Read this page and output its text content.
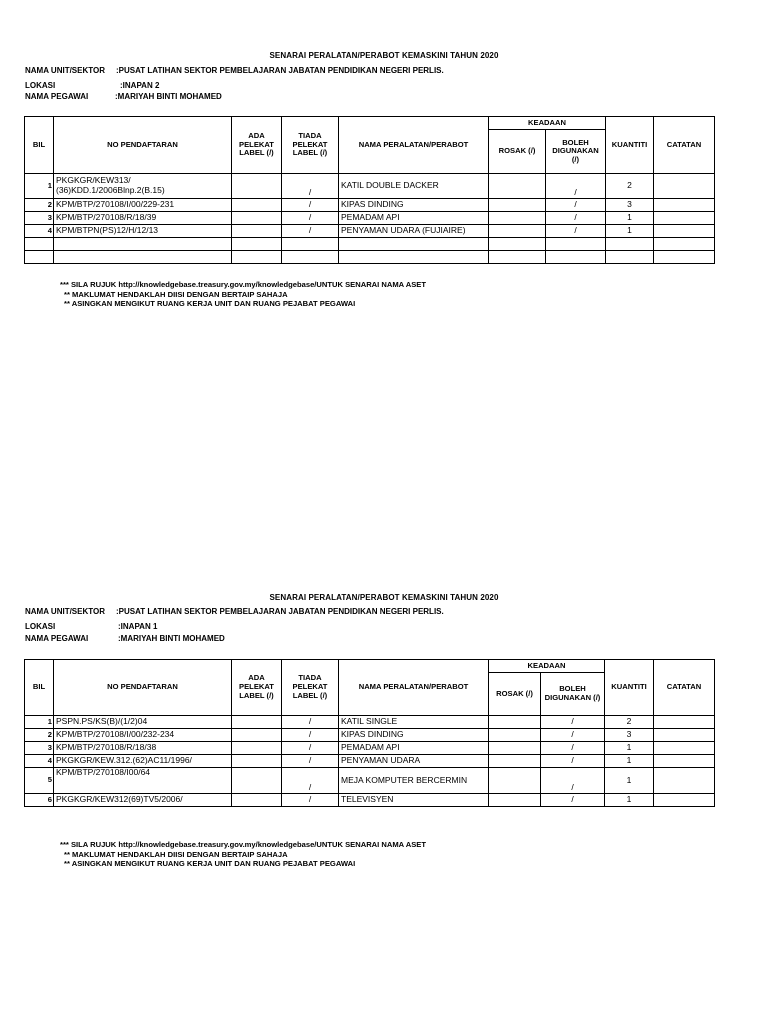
SENARAI PERALATAN/PERABOT KEMASKINI TAHUN 2020
NAMA UNIT/SEKTOR :PUSAT LATIHAN SEKTOR PEMBELAJARAN JABATAN PENDIDIKAN NEGERI PERLIS.
LOKASI	:INAPAN 2
NAMA PEGAWAI	:MARIYAH BINTI MOHAMED
BIL	NO PENDAFTARAN	ADA PELEKAT LABEL (/)	TIADA PELEKAT LABEL (/)	NAMA PERALATAN/PERABOT	KEADAAN		KUANTITI	CATATAN
					ROSAK (/)	BOLEH DIGUNAKAN (/)		
1	PKGKGR/KEW313/ (36)KDD.1/2006Blnp.2(B.15)		/	KATIL DOUBLE DACKER		/	2	
2	KPM/BTP/270108/I/00/229-231		/	KIPAS DINDING		/	3	
3	KPM/BTP/270108/R/18/39		/	PEMADAM API		/	1	
4	KPM/BTPN(PS)12/H/12/13		/	PENYAMAN UDARA (FUJIAIRE)		/	1	

*** SILA RUJUK http://knowledgebase.treasury.gov.my/knowledgebase/UNTUK SENARAI NAMA ASET
** MAKLUMAT HENDAKLAH DIISI DENGAN BERTAIP SAHAJA
** ASINGKAN MENGIKUT RUANG KERJA UNIT DAN RUANG PEJABAT PEGAWAI
SENARAI PERALATAN/PERABOT KEMASKINI TAHUN 2020
NAMA UNIT/SEKTOR :PUSAT LATIHAN SEKTOR PEMBELAJARAN JABATAN PENDIDIKAN NEGERI PERLIS.
LOKASI	:INAPAN 1
NAMA PEGAWAI	:MARIYAH BINTI MOHAMED
BIL	NO PENDAFTARAN	ADA PELEKAT LABEL (/)	TIADA PELEKAT LABEL (/)	NAMA PERALATAN/PERABOT	KEADAAN		KUANTITI	CATATAN
					ROSAK (/)	BOLEH DIGUNAKAN (/)		
1	PSPN.PS/KS(B)/(1/2)04		/	KATIL SINGLE		/	2	
2	KPM/BTP/270108/I/00/232-234		/	KIPAS DINDING		/	3	
3	KPM/BTP/270108/R/18/38		/	PEMADAM API		/	1	
4	PKGKGR/KEW.312.(62)AC11/1996/		/	PENYAMAN UDARA		/	1	
5	KPM/BTP/270108/I00/64		/	MEJA KOMPUTER BERCERMIN		/	1	
6	PKGKGR/KEW312(69)TV5/2006/		/	TELEVISYEN		/	1	
*** SILA RUJUK http://knowledgebase.treasury.gov.my/knowledgebase/UNTUK SENARAI NAMA ASET
** MAKLUMAT HENDAKLAH DIISI DENGAN BERTAIP SAHAJA
** ASINGKAN MENGIKUT RUANG KERJA UNIT DAN RUANG PEJABAT PEGAWAI
